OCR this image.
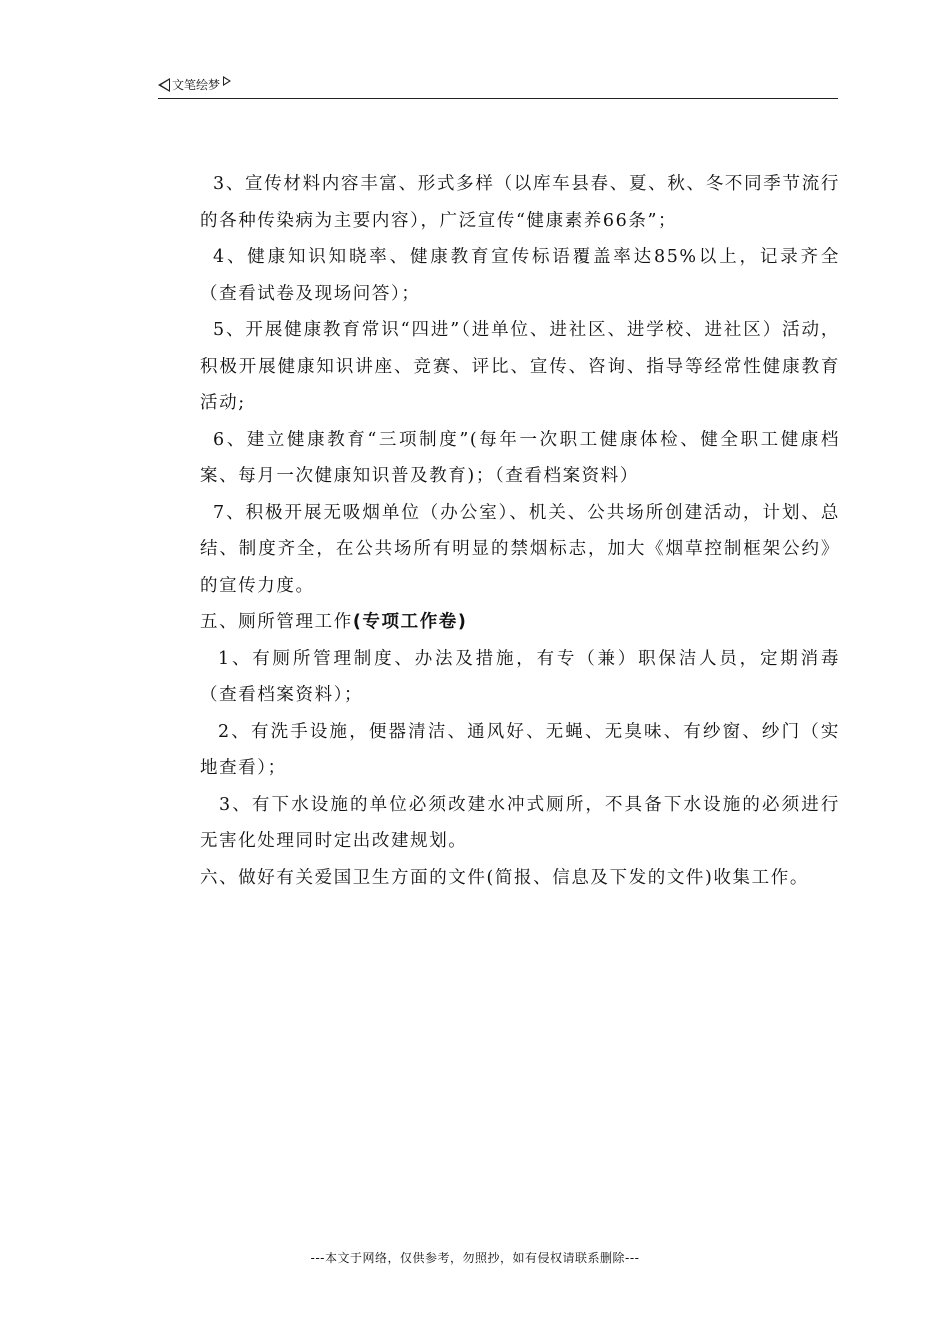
文笔绘梦

3、宣传材料内容丰富、形式多样（以库车县春、夏、秋、冬不同季节流行的各种传染病为主要内容），广泛宣传“健康素养66条”；

4、健康知识知晓率、健康教育宣传标语覆盖率达85%以上，记录齐全（查看试卷及现场问答）；

5、开展健康教育常识“四进”（进单位、进社区、进学校、进社区）活动，积极开展健康知识讲座、竞赛、评比、宣传、咨询、指导等经常性健康教育活动;

6、建立健康教育“三项制度”(每年一次职工健康体检、健全职工健康档案、每月一次健康知识普及教育)；（查看档案资料）

7、积极开展无吸烟单位（办公室）、机关、公共场所创建活动，计划、总结、制度齐全，在公共场所有明显的禁烟标志，加大《烟草控制框架公约》的宣传力度。

五、厕所管理工作(专项工作卷)

1、有厕所管理制度、办法及措施，有专（兼）职保洁人员，定期消毒（查看档案资料）；

2、有洗手设施，便器清洁、通风好、无蝇、无臭味、有纱窗、纱门（实地查看）；

3、有下水设施的单位必须改建水冲式厕所，不具备下水设施的必须进行无害化处理同时定出改建规划。

六、做好有关爱国卫生方面的文件(简报、信息及下发的文件)收集工作。

---本文于网络，仅供参考，勿照抄，如有侵权请联系删除---
